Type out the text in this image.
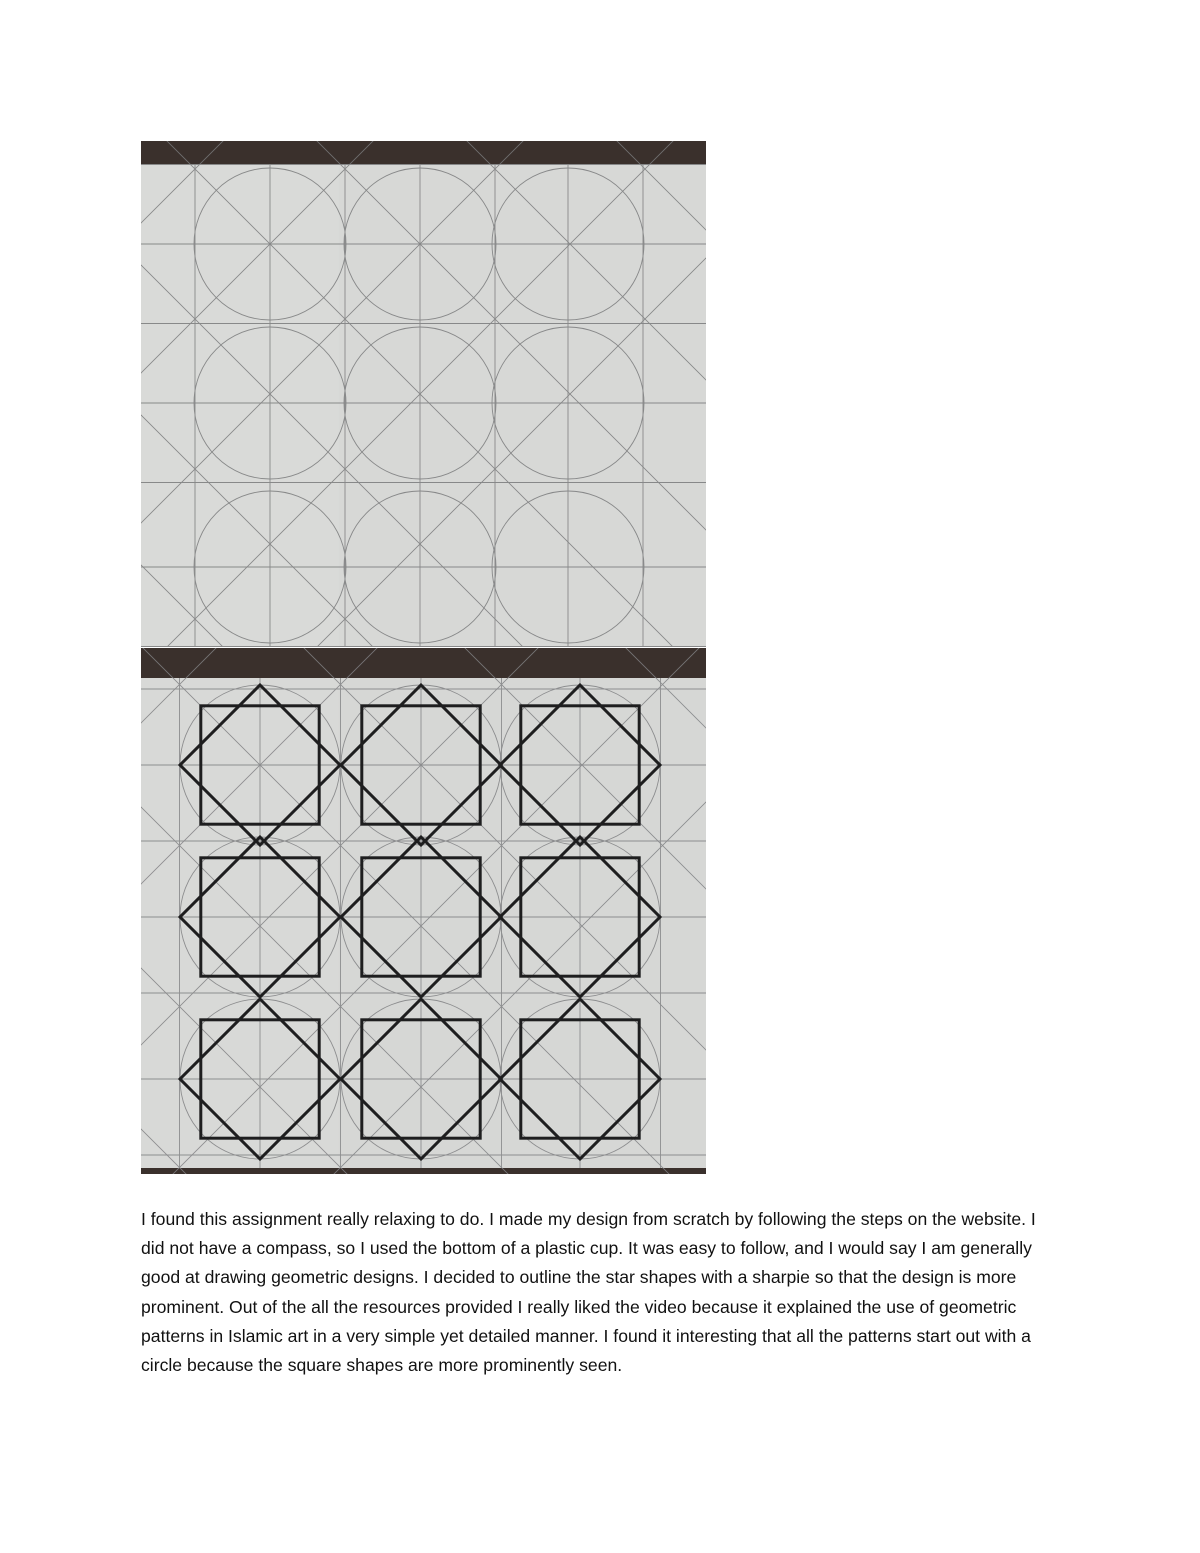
I found this assignment really relaxing to do. I made my design from scratch by following the steps on the website. I did not have a compass, so I used the bottom of a plastic cup. It was easy to follow, and I would say I am generally good at drawing geometric designs. I decided to outline the star shapes with a sharpie so that the design is more prominent. Out of the all the resources provided I really liked the video because it explained the use of geometric patterns in Islamic art in a very simple yet detailed manner. I found it interesting that all the patterns start out with a circle because the square shapes are more prominently seen.
